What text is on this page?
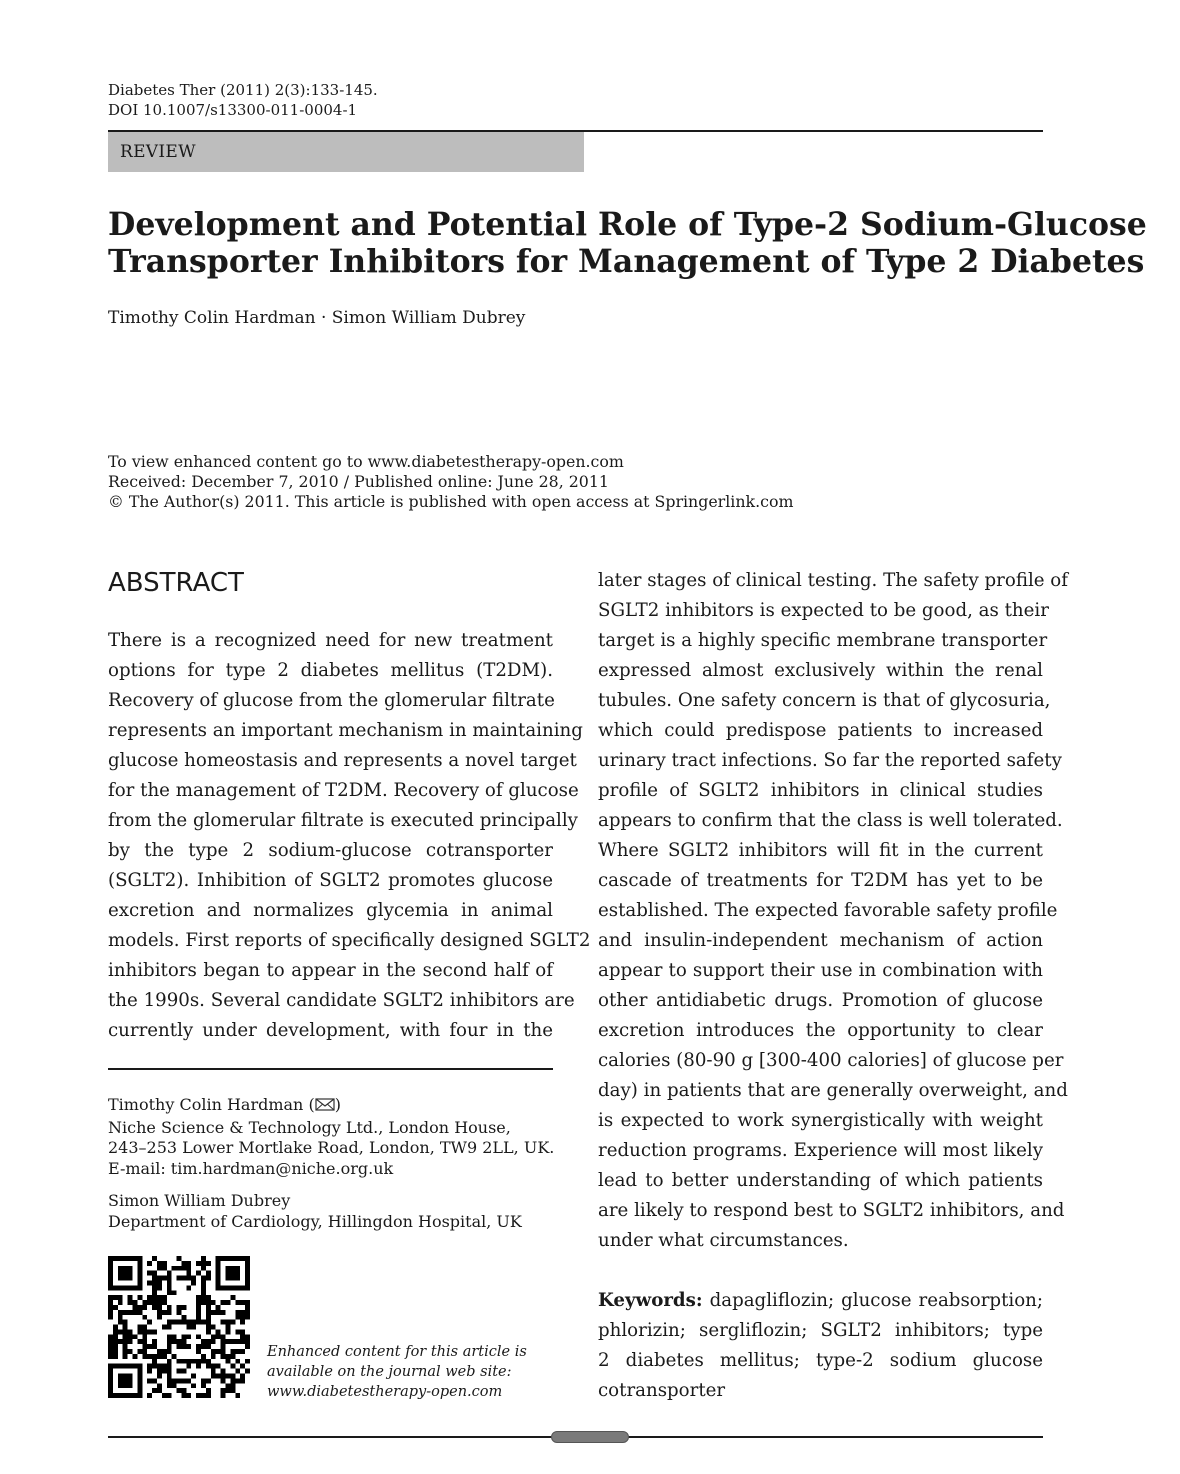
Diabetes Ther (2011) 2(3):133-145.
DOI 10.1007/s13300-011-0004-1
REVIEW
Development and Potential Role of Type-2 Sodium-Glucose
Transporter Inhibitors for Management of Type 2 Diabetes
Timothy Colin Hardman · Simon William Dubrey
To view enhanced content go to www.diabetestherapy-open.com
Received: December 7, 2010 / Published online: June 28, 2011
© The Author(s) 2011. This article is published with open access at Springerlink.com
ABSTRACT
There is a recognized need for new treatment
options for type 2 diabetes mellitus (T2DM).
Recovery of glucose from the glomerular filtrate
represents an important mechanism in maintaining
glucose homeostasis and represents a novel target
for the management of T2DM. Recovery of glucose
from the glomerular filtrate is executed principally
by the type 2 sodium-glucose cotransporter
(SGLT2). Inhibition of SGLT2 promotes glucose
excretion and normalizes glycemia in animal
models. First reports of specifically designed SGLT2
inhibitors began to appear in the second half of
the 1990s. Several candidate SGLT2 inhibitors are
currently under development, with four in the
later stages of clinical testing. The safety profile of
SGLT2 inhibitors is expected to be good, as their
target is a highly specific membrane transporter
expressed almost exclusively within the renal
tubules. One safety concern is that of glycosuria,
which could predispose patients to increased
urinary tract infections. So far the reported safety
profile of SGLT2 inhibitors in clinical studies
appears to confirm that the class is well tolerated.
Where SGLT2 inhibitors will fit in the current
cascade of treatments for T2DM has yet to be
established. The expected favorable safety profile
and insulin-independent mechanism of action
appear to support their use in combination with
other antidiabetic drugs. Promotion of glucose
excretion introduces the opportunity to clear
calories (80-90 g [300-400 calories] of glucose per
day) in patients that are generally overweight, and
is expected to work synergistically with weight
reduction programs. Experience will most likely
lead to better understanding of which patients
are likely to respond best to SGLT2 inhibitors, and
under what circumstances.
Timothy Colin Hardman ( )
Niche Science & Technology Ltd., London House,
243–253 Lower Mortlake Road, London, TW9 2LL, UK.
E-mail: tim.hardman@niche.org.uk
Simon William Dubrey
Department of Cardiology, Hillingdon Hospital, UK
Enhanced content for this article is
available on the journal web site:
www.diabetestherapy-open.com
Keywords: dapagliflozin; glucose reabsorption;
phlorizin; sergliflozin; SGLT2 inhibitors; type
2 diabetes mellitus; type-2 sodium glucose
cotransporter
